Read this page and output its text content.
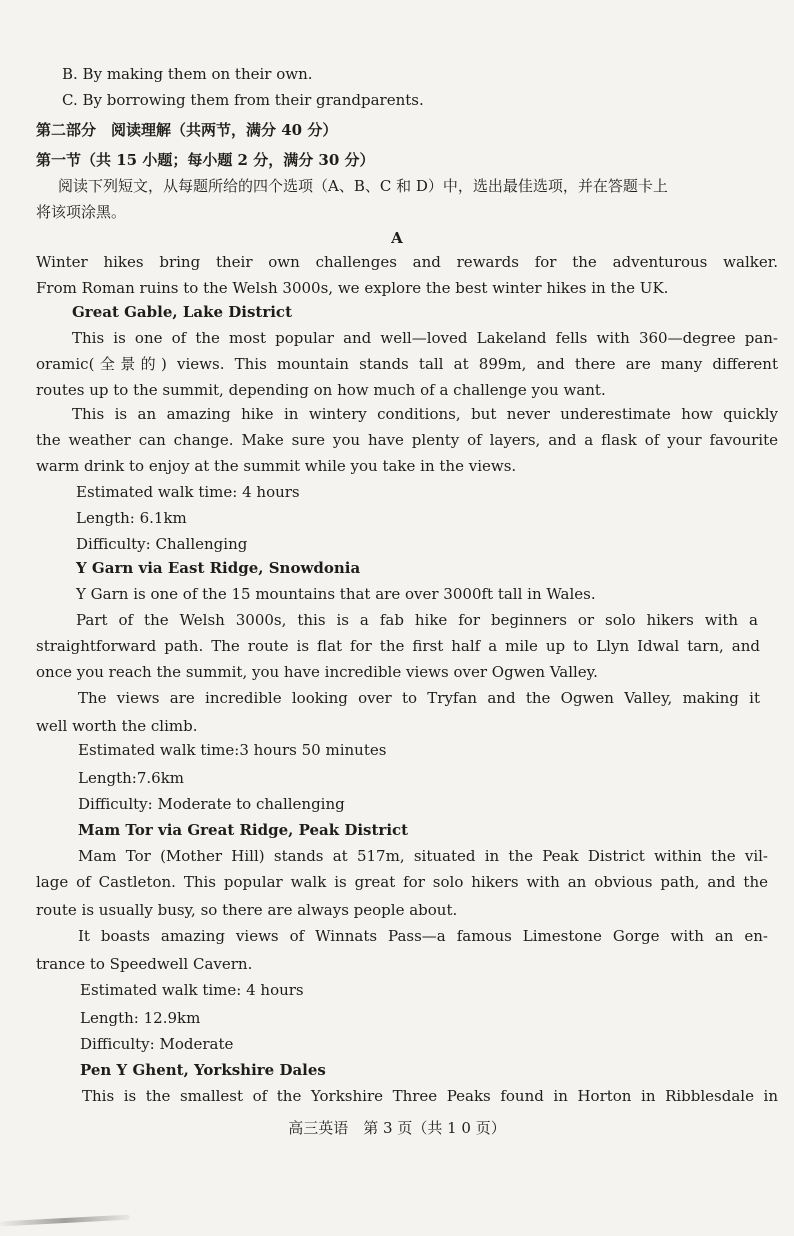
B. By making them on their own.
C. By borrowing them from their grandparents.
第二部分　阅读理解（共两节，满分 40 分）
第一节（共 15 小题；每小题 2 分，满分 30 分）
阅读下列短文，从每题所给的四个选项（A、B、C 和 D）中，选出最佳选项，并在答题卡上
将该项涂黑。
A
Winter hikes bring their own challenges and rewards for the adventurous walker.
From Roman ruins to the Welsh 3000s, we explore the best winter hikes in the UK.
Great Gable, Lake District
This is one of the most popular and well—loved Lakeland fells with 360—degree pan-
oramic(全景的) views. This mountain stands tall at 899m, and there are many different
routes up to the summit, depending on how much of a challenge you want.
This is an amazing hike in wintery conditions, but never underestimate how quickly
the weather can change. Make sure you have plenty of layers, and a flask of your favourite
warm drink to enjoy at the summit while you take in the views.
Estimated walk time: 4 hours
Length: 6.1km
Difficulty: Challenging
Y Garn via East Ridge, Snowdonia
Y Garn is one of the 15 mountains that are over 3000ft tall in Wales.
Part of the Welsh 3000s, this is a fab hike for beginners or solo hikers with a
straightforward path. The route is flat for the first half a mile up to Llyn Idwal tarn, and
once you reach the summit, you have incredible views over Ogwen Valley.
The views are incredible looking over to Tryfan and the Ogwen Valley, making it
well worth the climb.
Estimated walk time:3 hours 50 minutes
Length:7.6km
Difficulty: Moderate to challenging
Mam Tor via Great Ridge, Peak District
Mam Tor (Mother Hill) stands at 517m, situated in the Peak District within the vil-
lage of Castleton. This popular walk is great for solo hikers with an obvious path, and the
route is usually busy, so there are always people about.
It boasts amazing views of Winnats Pass—a famous Limestone Gorge with an en-
trance to Speedwell Cavern.
Estimated walk time: 4 hours
Length: 12.9km
Difficulty: Moderate
Pen Y Ghent, Yorkshire Dales
This is the smallest of the Yorkshire Three Peaks found in Horton in Ribblesdale in
高三英语　第 3 页（共 1 0 页）
